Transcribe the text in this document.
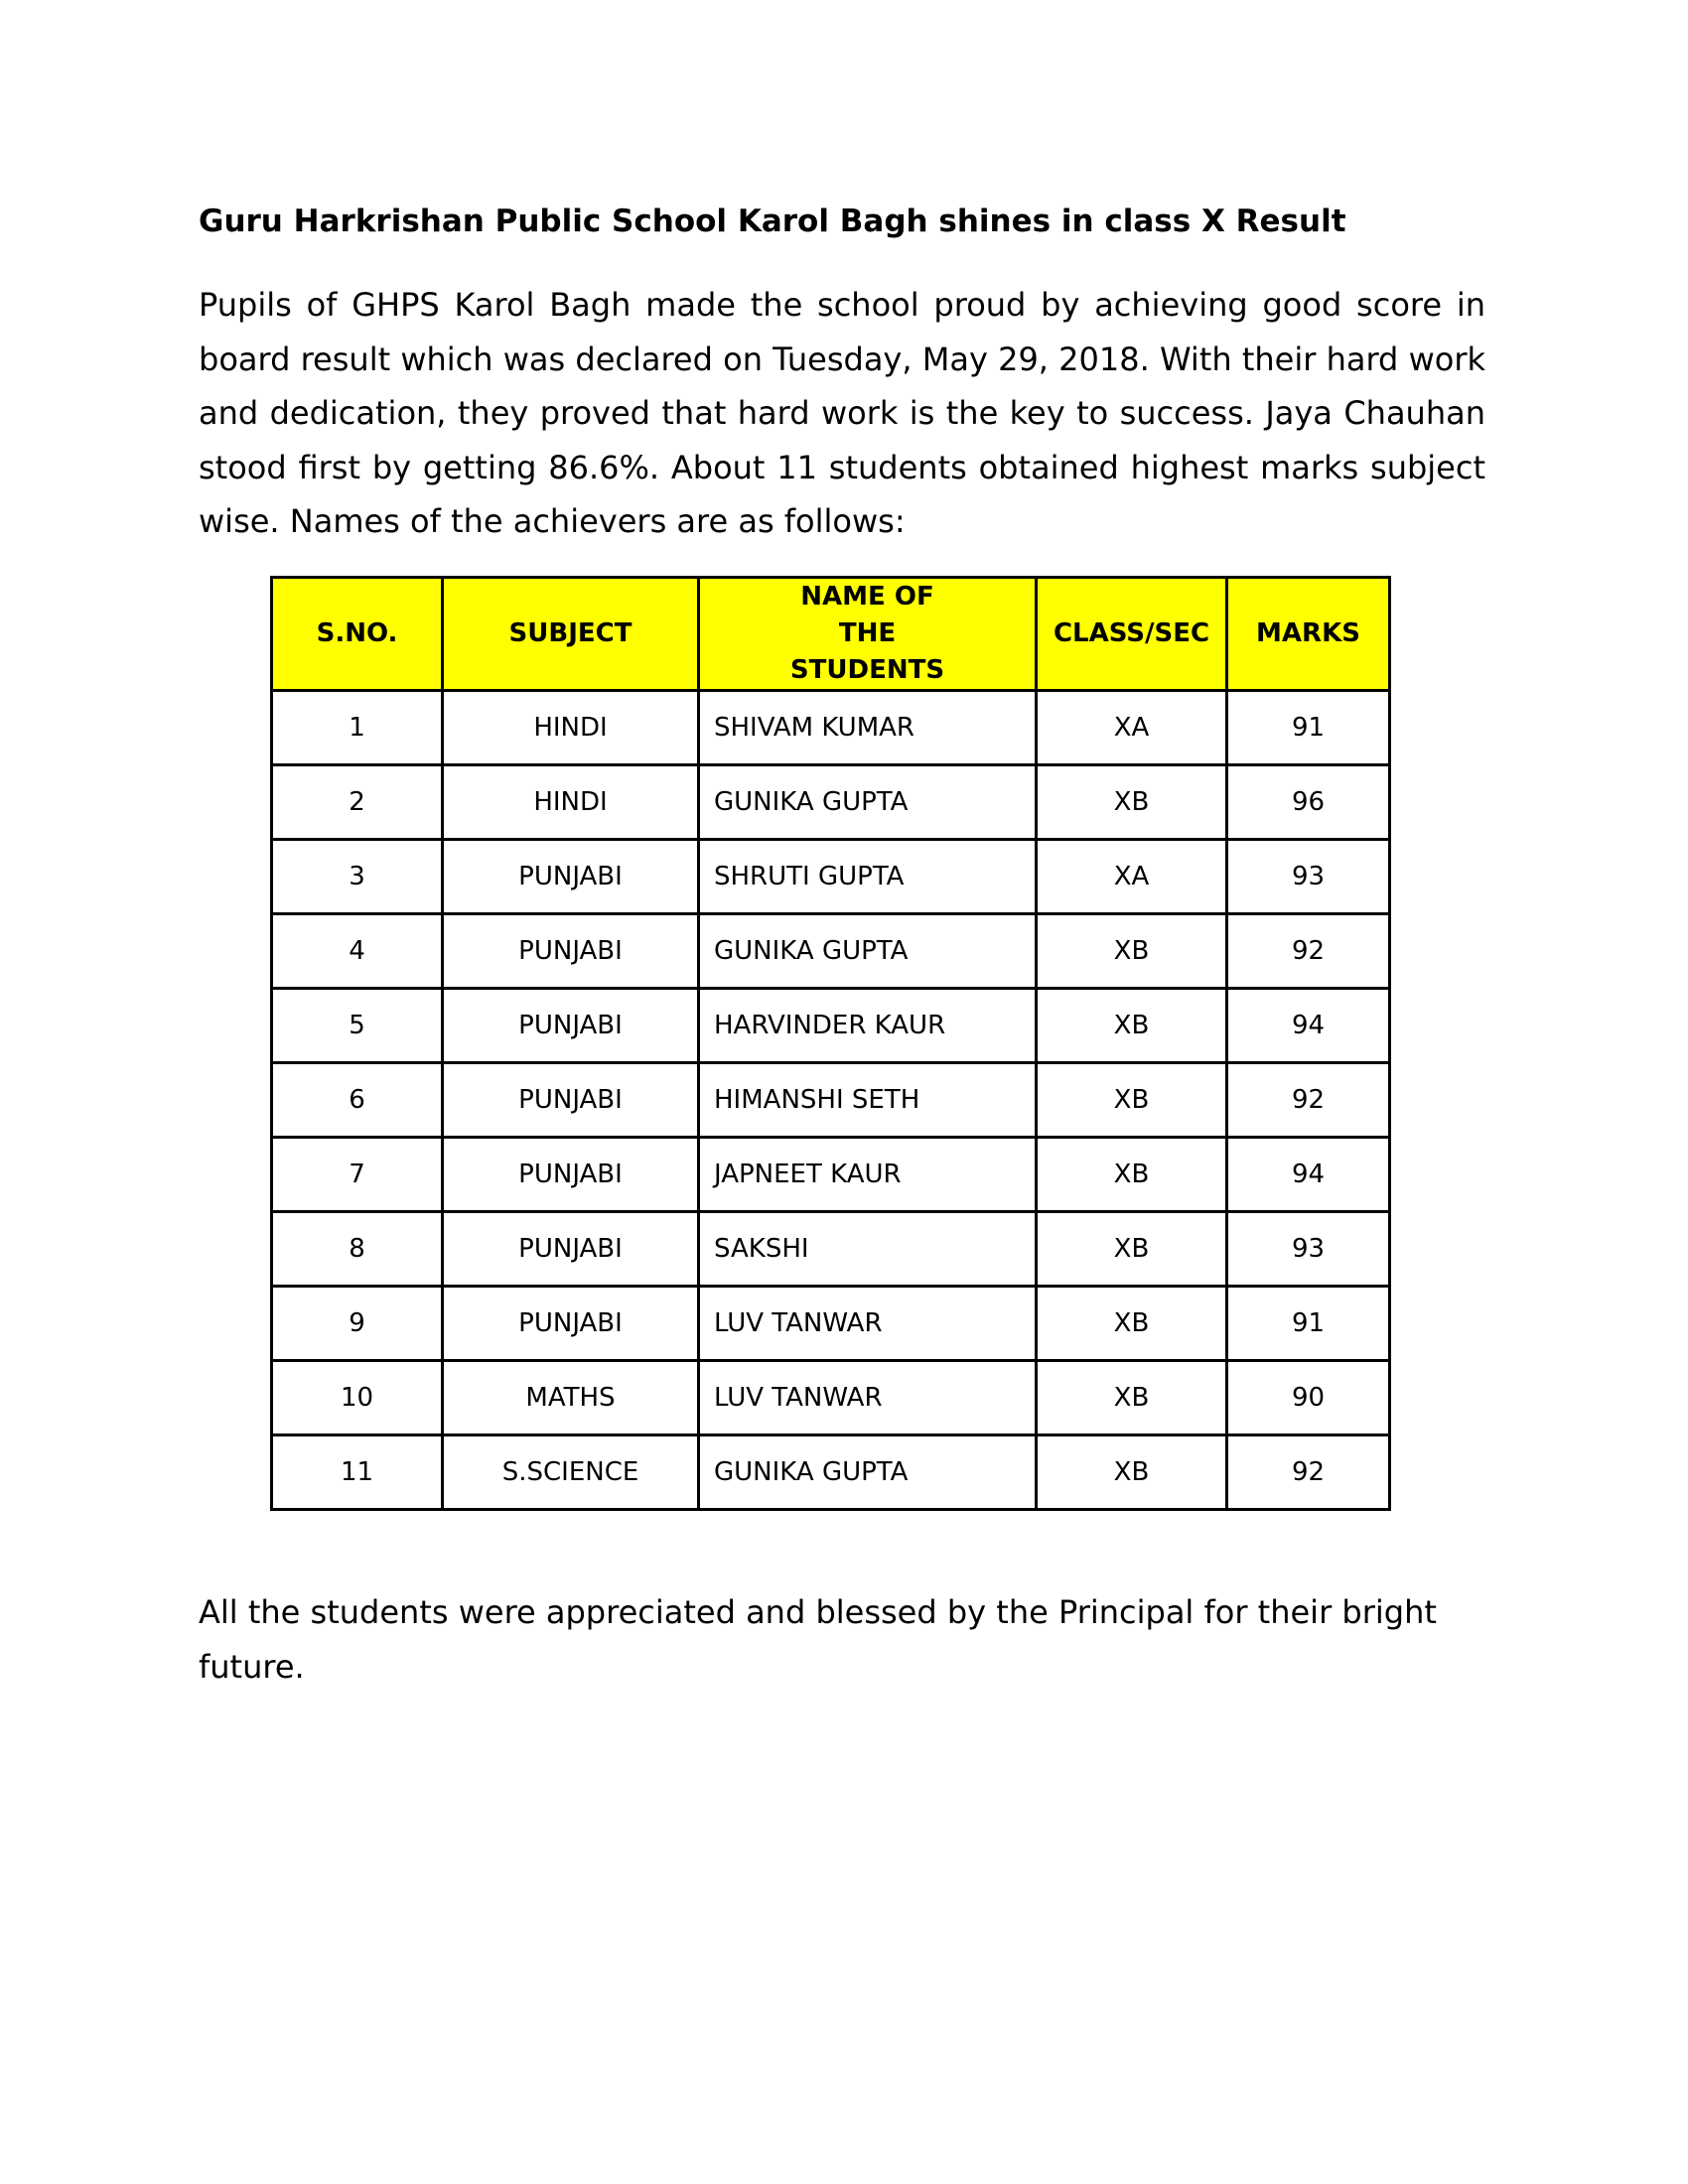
Guru Harkrishan Public School Karol Bagh shines in class X Result

Pupils of GHPS Karol Bagh made the school proud by achieving good score in board result which was declared on Tuesday, May 29, 2018. With their hard work and dedication, they proved that hard work is the key to success. Jaya Chauhan stood first by getting 86.6%. About 11 students obtained highest marks subject wise. Names of the achievers are as follows:

S.NO.	SUBJECT	NAME OF THE STUDENTS	CLASS/SEC	MARKS
1	HINDI	SHIVAM KUMAR	XA	91
2	HINDI	GUNIKA GUPTA	XB	96
3	PUNJABI	SHRUTI GUPTA	XA	93
4	PUNJABI	GUNIKA GUPTA	XB	92
5	PUNJABI	HARVINDER KAUR	XB	94
6	PUNJABI	HIMANSHI SETH	XB	92
7	PUNJABI	JAPNEET KAUR	XB	94
8	PUNJABI	SAKSHI	XB	93
9	PUNJABI	LUV TANWAR	XB	91
10	MATHS	LUV TANWAR	XB	90
11	S.SCIENCE	GUNIKA GUPTA	XB	92

All the students were appreciated and blessed by the Principal for their bright future.
